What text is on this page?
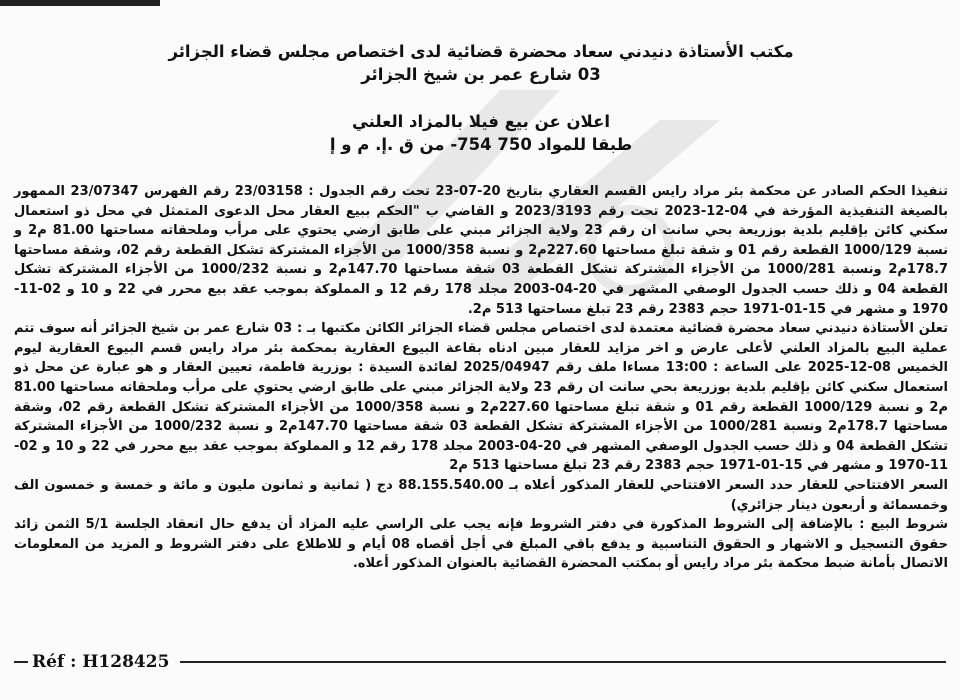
مكتب الأستاذة دنيدني سعاد محضرة قضائية لدى اختصاص مجلس قضاء الجزائر
03 شارع عمر بن شيخ الجزائر
اعلان عن بيع فيلا بالمزاد العلني
طبقا للمواد 750 754- من ق .إ. م و إ

تنفيذا الحكم الصادر عن محكمة بئر مراد رايس القسم العقاري بتاريخ 20-07-23 تحت رقم الجدول : 23/03158 رقم الفهرس 23/07347 الممهور بالصيغة التنفيذية المؤرخة في 04-12-2023 تحت رقم 2023/3193 و القاضي ب "الحكم ببيع العقار محل الدعوى المتمثل في محل ذو استعمال سكني كائن بإقليم بلدية بوزريعة بحي سانت ان رقم 23 ولاية الجزائر مبني على طابق ارضي يحتوي على مرأب وملحقاته مساحتها 81.00 م2 و نسبة 1000/129 القطعة رقم 01 و شقة تبلغ مساحتها 227.60م2 و نسبة 1000/358 من الأجزاء المشتركة تشكل القطعة رقم 02، وشقة مساحتها 178.7م2 ونسبة 1000/281 من الأجزاء المشتركة تشكل القطعة 03 شقة مساحتها 147.70م2 و نسبة 1000/232 من الأجزاء المشتركة تشكل القطعة 04 و ذلك حسب الجدول الوصفي المشهر في 20-04-2003 مجلد 178 رقم 12 و المملوكة بموجب عقد بيع محرر في 22 و 10 و 02-11-1970 و مشهر في 15-01-1971 حجم 2383 رقم 23 تبلغ مساحتها 513 م2.

تعلن الأستاذة دنيدني سعاد محضرة قضائية معتمدة لدى اختصاص مجلس قضاء الجزائر الكائن مكتبها بـ : 03 شارع عمر بن شيخ الجزائر أنه سوف تتم عملية البيع بالمزاد العلني لأعلى عارض و اخر مزايد للعقار مبين ادناه بقاعة البيوع العقارية بمحكمة بئر مراد رايس قسم البيوع العقارية ليوم الخميس 08-12-2025 على الساعة : 13:00 مساءا ملف رقم 2025/04947 لفائدة السيدة : بوزرية فاطمة، تعيين العقار و هو عبارة عن محل ذو استعمال سكني كائن بإقليم بلدية بوزريعة بحي سانت ان رقم 23 ولاية الجزائر مبني على طابق ارضي يحتوي على مرأب وملحقاته مساحتها 81.00 م2 و نسبة 1000/129 القطعة رقم 01 و شقة تبلغ مساحتها 227.60م2 و نسبة 1000/358 من الأجزاء المشتركة تشكل القطعة رقم 02، وشقة مساحتها 178.7م2 ونسبة 1000/281 من الأجزاء المشتركة تشكل القطعة 03 شقة مساحتها 147.70م2 و نسبة 1000/232 من الأجزاء المشتركة تشكل القطعة 04 و ذلك حسب الجدول الوصفي المشهر في 20-04-2003 مجلد 178 رقم 12 و المملوكة بموجب عقد بيع محرر في 22 و 10 و 02-11-1970 و مشهر في 15-01-1971 حجم 2383 رقم 23 تبلغ مساحتها 513 م2

السعر الافتتاحي للعقار حدد السعر الافتتاحي للعقار المذكور أعلاه بـ 88.155.540.00 دج ( ثمانية و ثمانون مليون و مائة و خمسة و خمسون الف وخمسمائة و أربعون دينار جزائري)

شروط البيع : بالإضافة إلى الشروط المذكورة في دفتر الشروط فإنه يجب على الراسي عليه المزاد أن يدفع حال انعقاد الجلسة 5/1 الثمن زائد حقوق التسجيل و الاشهار و الحقوق التناسبية و يدفع باقي المبلغ في أجل أقصاه 08 أيام و للاطلاع على دفتر الشروط و المزيد من المعلومات الاتصال بأمانة ضبط محكمة بئر مراد رايس أو بمكتب المحضرة القضائية بالعنوان المذكور أعلاه.

Réf : H128425
